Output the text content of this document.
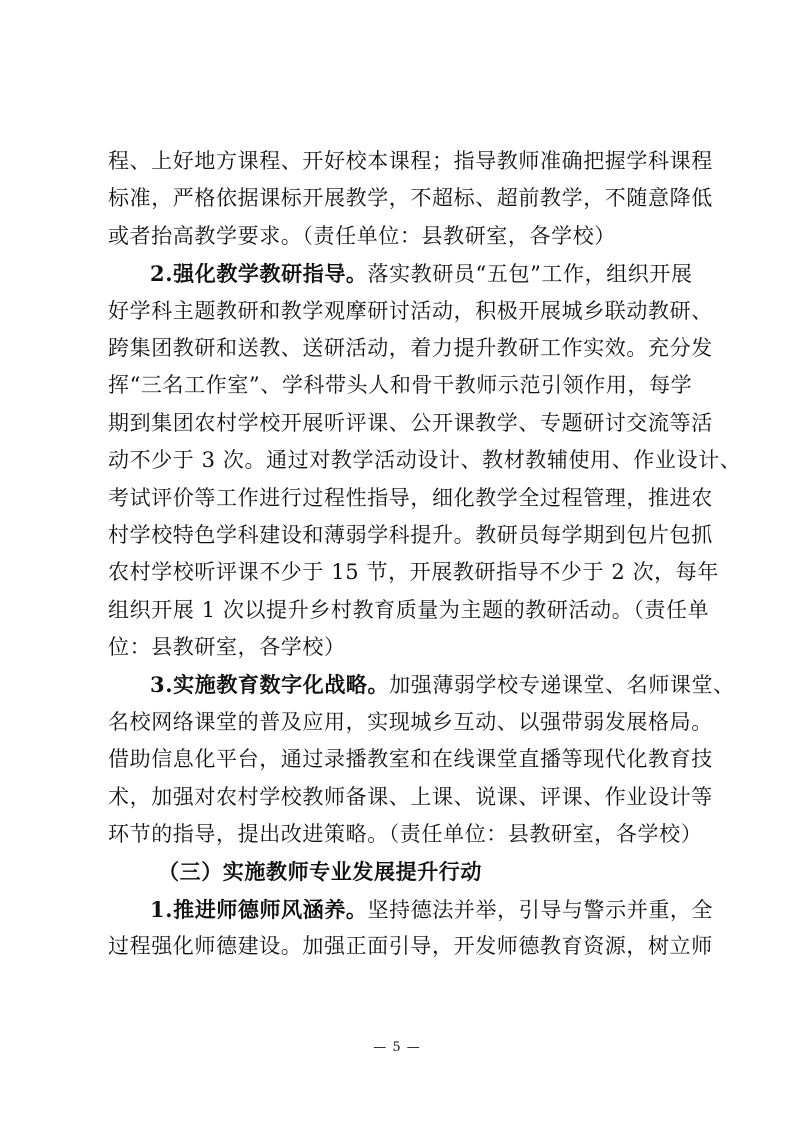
程、上好地方课程、开好校本课程；指导教师准确把握学科课程
标准，严格依据课标开展教学，不超标、超前教学，不随意降低
或者抬高教学要求。（责任单位：县教研室，各学校）
2.强化教学教研指导。落实教研员“五包”工作，组织开展
好学科主题教研和教学观摩研讨活动，积极开展城乡联动教研、
跨集团教研和送教、送研活动，着力提升教研工作实效。充分发
挥“三名工作室”、学科带头人和骨干教师示范引领作用，每学
期到集团农村学校开展听评课、公开课教学、专题研讨交流等活
动不少于 3 次。通过对教学活动设计、教材教辅使用、作业设计、
考试评价等工作进行过程性指导，细化教学全过程管理，推进农
村学校特色学科建设和薄弱学科提升。教研员每学期到包片包抓
农村学校听评课不少于 15 节，开展教研指导不少于 2 次，每年
组织开展 1 次以提升乡村教育质量为主题的教研活动。（责任单
位：县教研室，各学校）
3.实施教育数字化战略。加强薄弱学校专递课堂、名师课堂、
名校网络课堂的普及应用，实现城乡互动、以强带弱发展格局。
借助信息化平台，通过录播教室和在线课堂直播等现代化教育技
术，加强对农村学校教师备课、上课、说课、评课、作业设计等
环节的指导，提出改进策略。（责任单位：县教研室，各学校）
（三）实施教师专业发展提升行动
1.推进师德师风涵养。坚持德法并举，引导与警示并重，全
过程强化师德建设。加强正面引导，开发师德教育资源，树立师
— 5 —
